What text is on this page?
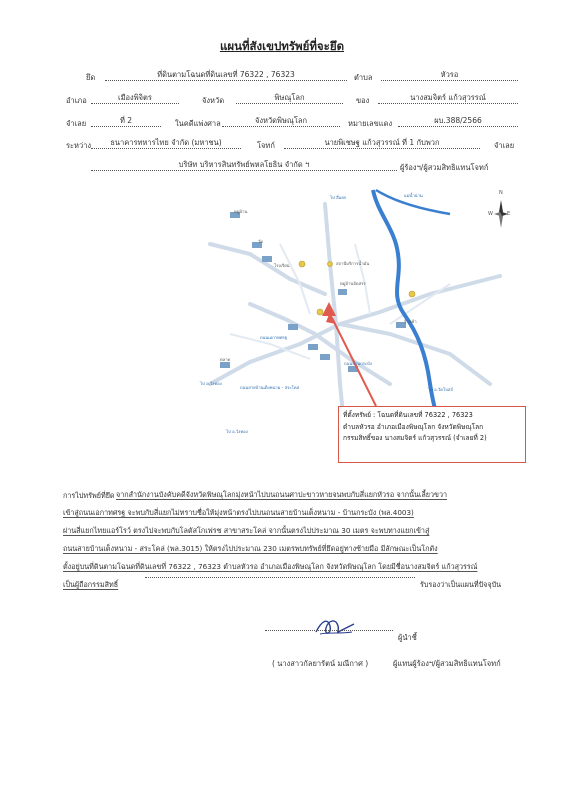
แผนที่สังเขปทรัพย์ที่จะยึด
ยึด	ที่ดินตามโฉนดที่ดินเลขที่ 76322 , 76323	ตำบล	หัวรอ
อำเภอ	เมืองพิจิตร	จังหวัด	พิษณุโลก	ของ	นางสมจิตร์ แก้วสุวรรณ์
จำเลย	ที่ 2	ในคดีแพ่งศาล	จังหวัดพิษณุโลก	หมายเลขแดง	ผบ.388/2566
ระหว่าง	ธนาคารทหารไทย จำกัด (มหาชน)	โจทก์	นายพิเชษฐ แก้วสุวรรณ์ ที่ 1 กับพวก	จำเลย
บริษัท บริหารสินทรัพย์พหลโยธิน จำกัด ฯ	ผู้ร้องฯ/ผู้สวมสิทธิแทนโจทก์
หมู่บ้าน
วัด
โรงเรียน	สถานีบริการน้ำมัน
หมู่บ้านจัดสรร
ร้านค้า
ตลาด
ถนนสายบ้านเต็งหนาม - สระโคล่
ถนนเอกาทศรฐ
ถนนบ้านกระบัง
ไป อ.วังทอง
ไป สี่แยก
ไป อ.วัดโบสถ์
ไป อ.วังทอง
แม่น้ำน่าน	N
W	E
ที่ตั้งทรัพย์ : โฉนดที่ดินเลขที่ 76322 , 76323
ตำบลหัวรอ อำเภอเมืองพิษณุโลก จังหวัดพิษณุโลก
กรรมสิทธิ์ของ นางสมจิตร์ แก้วสุวรรณ์ (จำเลยที่ 2)
การไปทรัพย์ที่ยึด จากสำนักงานบังคับคดีจังหวัดพิษณุโลกมุ่งหน้าไปบนถนนศาปะขาวหายจนพบกับสี่แยกหัวรอ จากนั้นเลี้ยวขวา
เข้าสู่ถนนเอกาทศรฐ จะพบกับสี่แยกไม่ทราบชื่อให้มุ่งหน้าตรงไปบนถนนสายบ้านเต็งหนาม - บ้านกระบัง (พล.4003)
ผ่านสี่แยกไทยแอร์โรว์ ตรงไปจะพบกับโลตัสโกเฟรช สาขาสระโคล่ จากนั้นตรงไปประมาณ 30 เมตร จะพบทางแยกเข้าสู่
ถนนสายบ้านเต็งหนาม - สระโคล่ (พล.3015) ให้ตรงไปประมาณ 230 เมตรพบทรัพย์ที่ยึดอยู่ทางซ้ายมือ มีลักษณะเป็นโกดัง
ตั้งอยู่บนที่ดินตามโฉนดที่ดินเลขที่ 76322 , 76323 ตำบลหัวรอ อำเภอเมืองพิษณุโลก จังหวัดพิษณุโลก โดยมีชื่อนางสมจิตร์ แก้วสุวรรณ์
เป็นผู้ถือกรรมสิทธิ์	รับรองว่าเป็นแผนที่ปัจจุบัน
ผู้นำชี้
( นางสาวกัลยารัตน์ มณีกาศ )	ผู้แทนผู้ร้องฯ/ผู้สวมสิทธิแทนโจทก์
